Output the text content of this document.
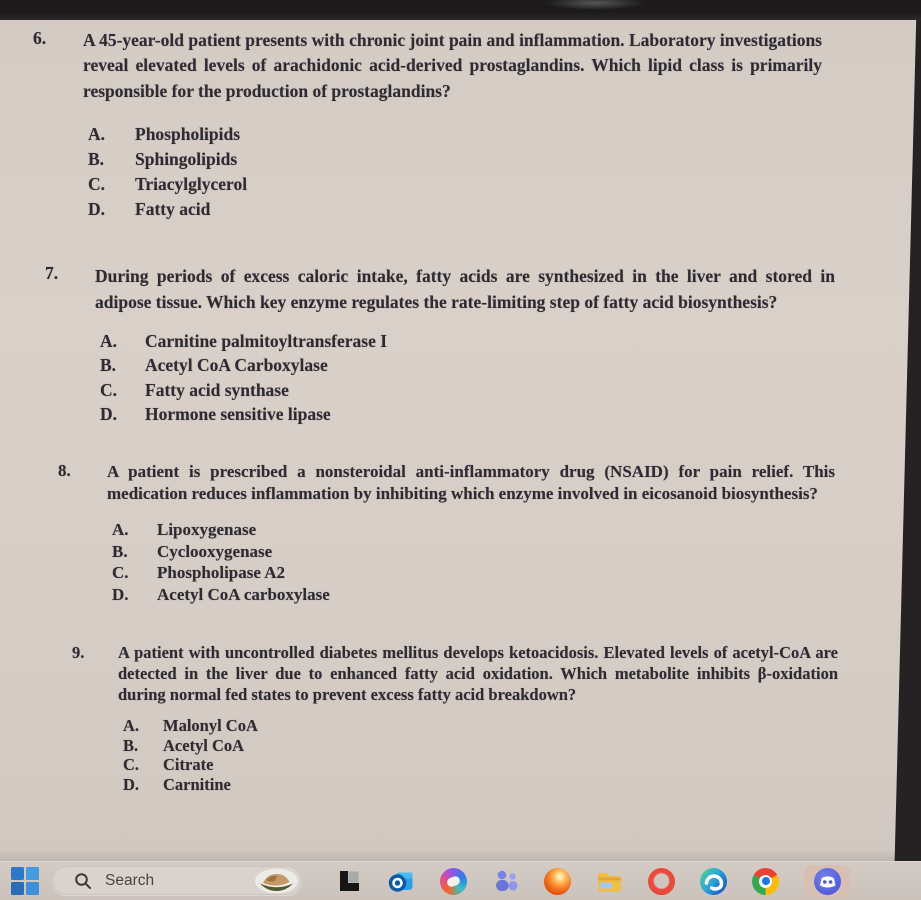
6.	A 45-year-old patient presents with chronic joint pain and inflammation. Laboratory investigations reveal elevated levels of arachidonic acid-derived prostaglandins. Which lipid class is primarily responsible for the production of prostaglandins?

A.	Phospholipids
B.	Sphingolipids
C.	Triacylglycerol
D.	Fatty acid
7.	During periods of excess caloric intake, fatty acids are synthesized in the liver and stored in adipose tissue. Which key enzyme regulates the rate-limiting step of fatty acid biosynthesis?

A.	Carnitine palmitoyltransferase I
B.	Acetyl CoA Carboxylase
C.	Fatty acid synthase
D.	Hormone sensitive lipase
8.	A patient is prescribed a nonsteroidal anti-inflammatory drug (NSAID) for pain relief. This medication reduces inflammation by inhibiting which enzyme involved in eicosanoid biosynthesis?

A.	Lipoxygenase
B.	Cyclooxygenase
C.	Phospholipase A2
D.	Acetyl CoA carboxylase
9.	A patient with uncontrolled diabetes mellitus develops ketoacidosis. Elevated levels of acetyl-CoA are detected in the liver due to enhanced fatty acid oxidation. Which metabolite inhibits β-oxidation during normal fed states to prevent excess fatty acid breakdown?

A.	Malonyl CoA
B.	Acetyl CoA
C.	Citrate
D.	Carnitine
Search
